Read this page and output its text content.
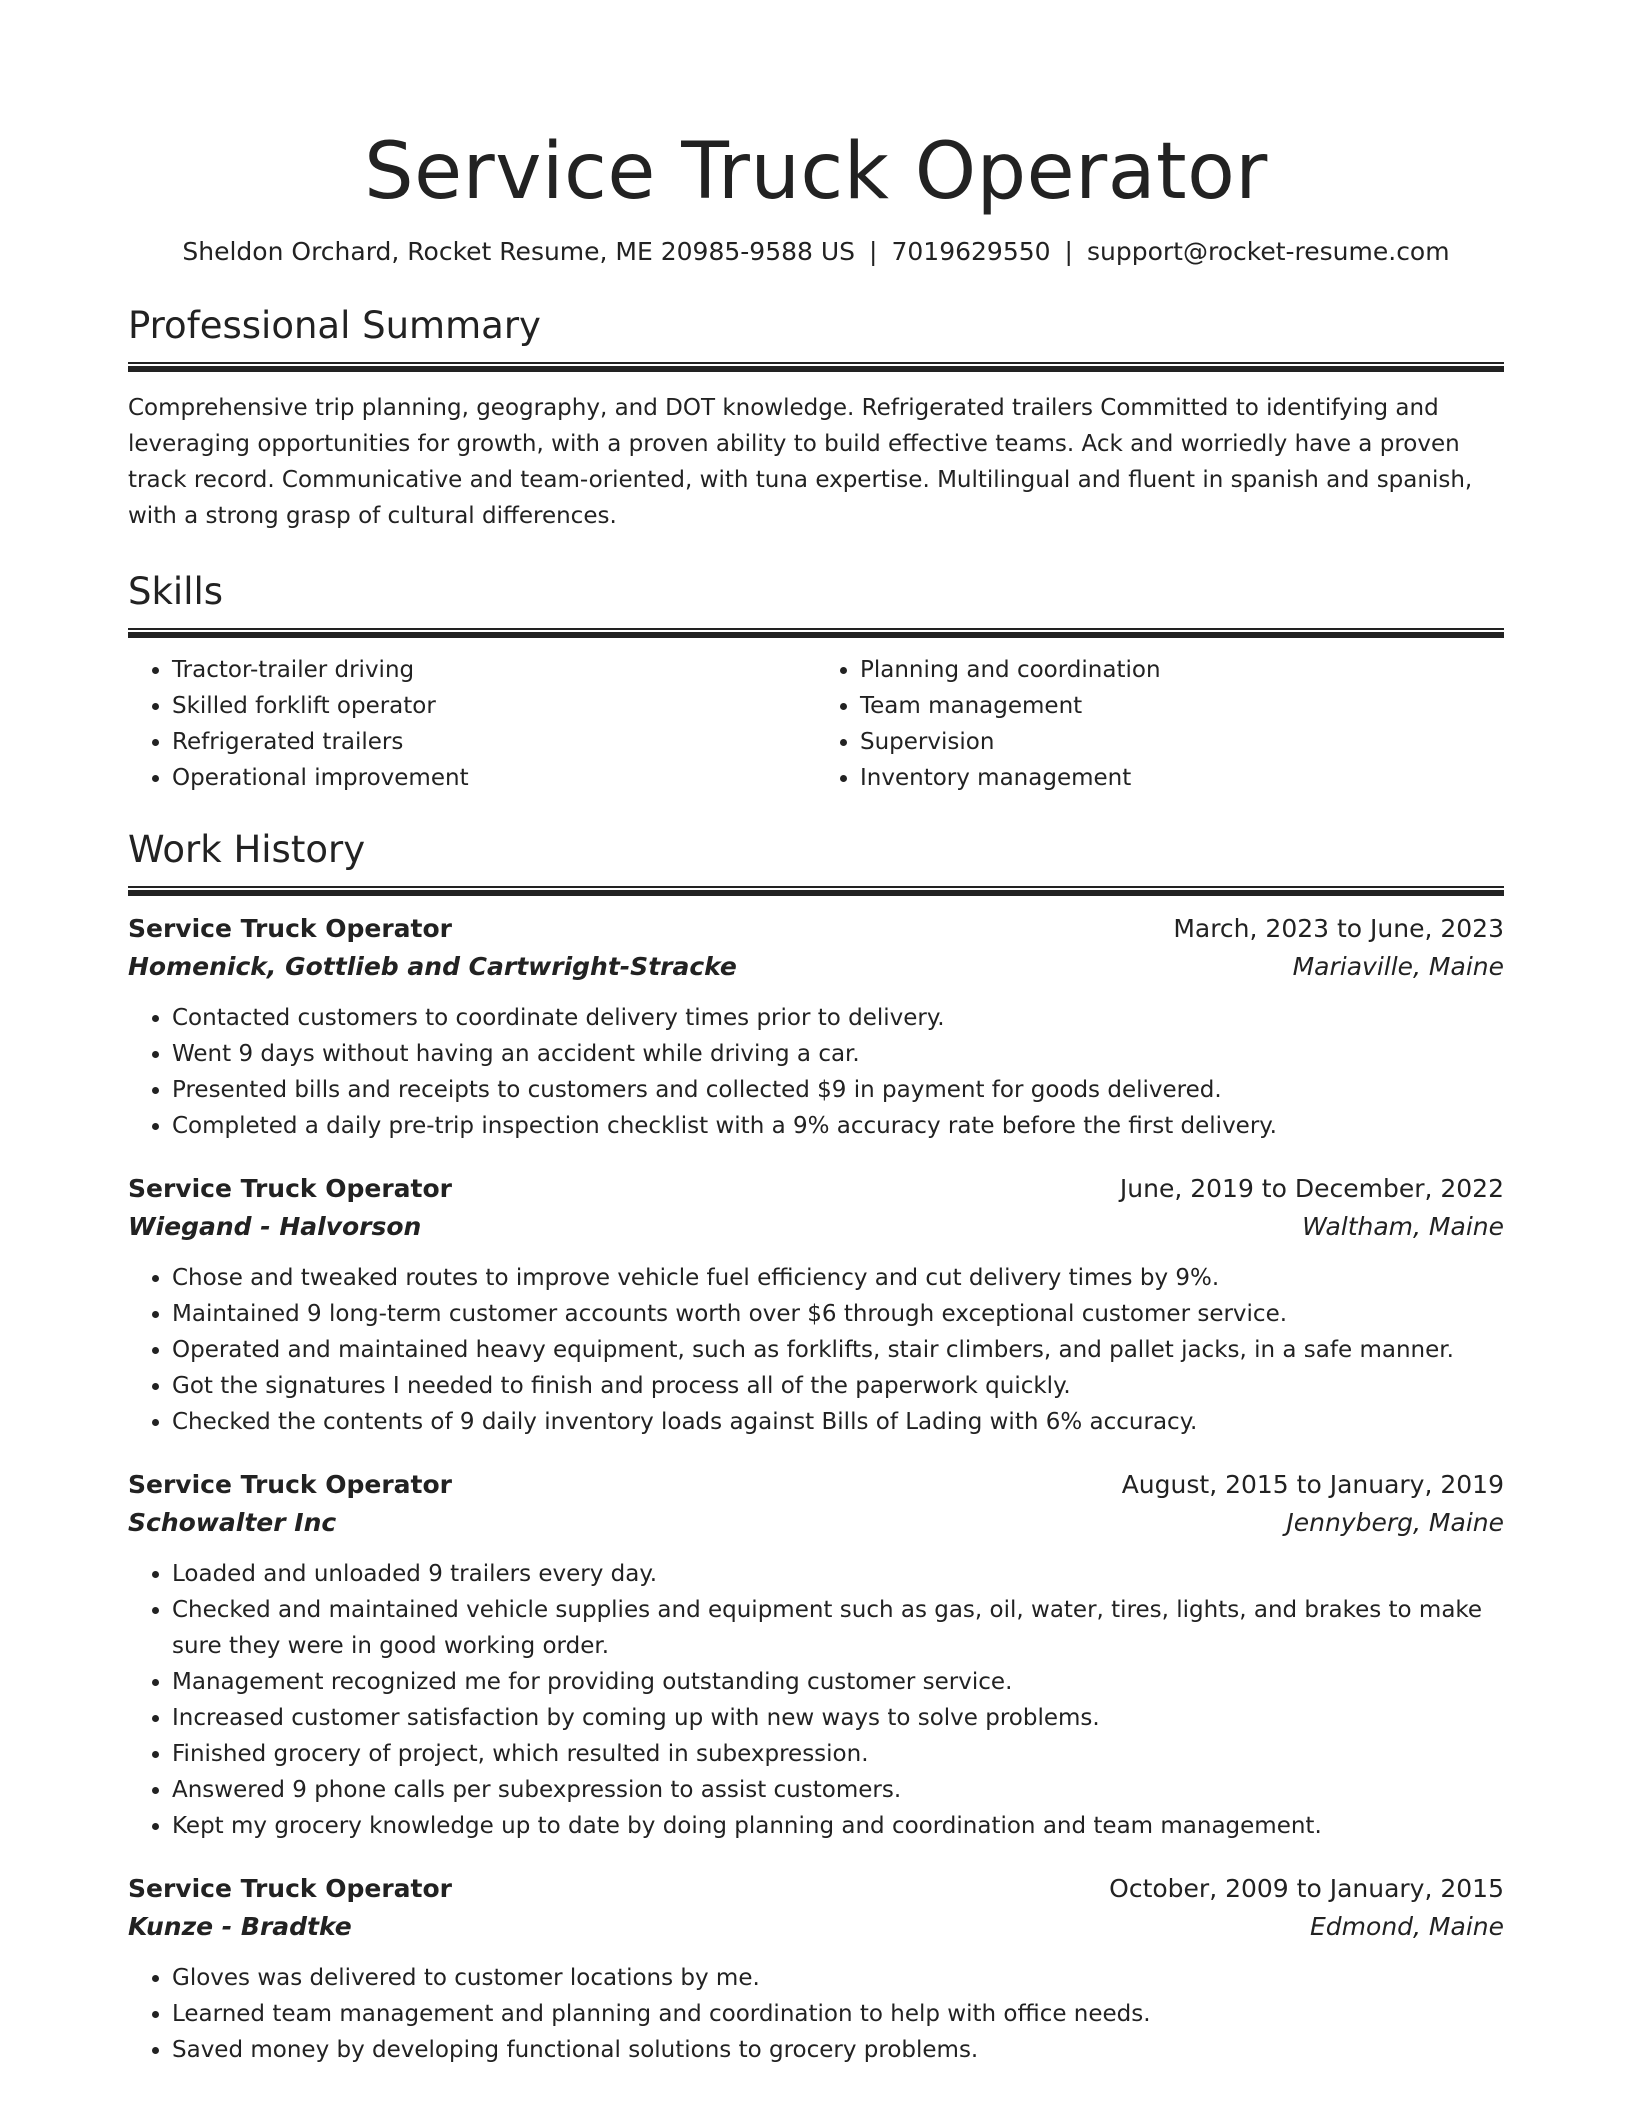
Service Truck Operator
Sheldon Orchard, Rocket Resume, ME 20985-9588 US | 7019629550 | support@rocket-resume.com
Professional Summary

Comprehensive trip planning, geography, and DOT knowledge. Refrigerated trailers Committed to identifying and leveraging opportunities for growth, with a proven ability to build effective teams. Ack and worriedly have a proven track record. Communicative and team-oriented, with tuna expertise. Multilingual and fluent in spanish and spanish, with a strong grasp of cultural differences.

Skills
• Tractor-trailer driving
• Skilled forklift operator
• Refrigerated trailers
• Operational improvement
• Planning and coordination
• Team management
• Supervision
• Inventory management
Work History
Service Truck Operator	March, 2023 to June, 2023
Homenick, Gottlieb and Cartwright-Stracke	Mariaville, Maine
• Contacted customers to coordinate delivery times prior to delivery.
• Went 9 days without having an accident while driving a car.
• Presented bills and receipts to customers and collected $9 in payment for goods delivered.
• Completed a daily pre-trip inspection checklist with a 9% accuracy rate before the first delivery.
Service Truck Operator	June, 2019 to December, 2022
Wiegand - Halvorson	Waltham, Maine
• Chose and tweaked routes to improve vehicle fuel efficiency and cut delivery times by 9%.
• Maintained 9 long-term customer accounts worth over $6 through exceptional customer service.
• Operated and maintained heavy equipment, such as forklifts, stair climbers, and pallet jacks, in a safe manner.
• Got the signatures I needed to finish and process all of the paperwork quickly.
• Checked the contents of 9 daily inventory loads against Bills of Lading with 6% accuracy.
Service Truck Operator	August, 2015 to January, 2019
Schowalter Inc	Jennyberg, Maine
• Loaded and unloaded 9 trailers every day.
• Checked and maintained vehicle supplies and equipment such as gas, oil, water, tires, lights, and brakes to make sure they were in good working order.
• Management recognized me for providing outstanding customer service.
• Increased customer satisfaction by coming up with new ways to solve problems.
• Finished grocery of project, which resulted in subexpression.
• Answered 9 phone calls per subexpression to assist customers.
• Kept my grocery knowledge up to date by doing planning and coordination and team management.
Service Truck Operator	October, 2009 to January, 2015
Kunze - Bradtke	Edmond, Maine
• Gloves was delivered to customer locations by me.
• Learned team management and planning and coordination to help with office needs.
• Saved money by developing functional solutions to grocery problems.
